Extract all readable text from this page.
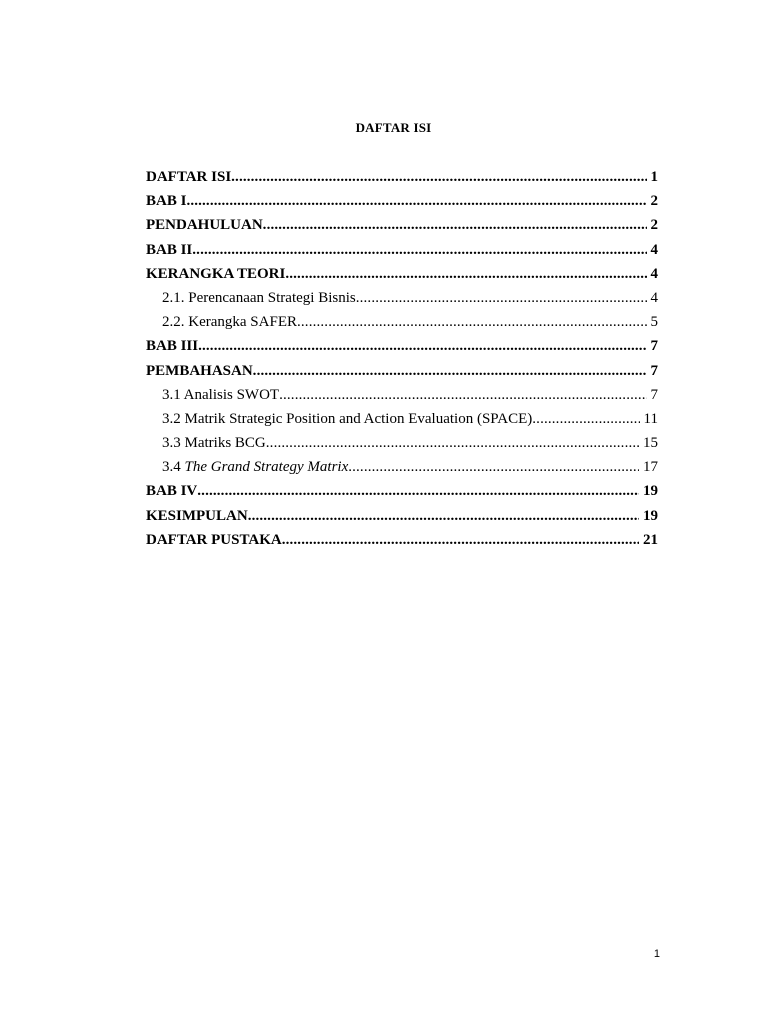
DAFTAR ISI
DAFTAR ISI .....	1
BAB I .....	2
PENDAHULUAN .....	2
BAB II .....	4
KERANGKA TEORI .....	4
2.1. Perencanaan Strategi Bisnis .....	4
2.2. Kerangka SAFER .....	5
BAB III .....	7
PEMBAHASAN .....	7
3.1 Analisis SWOT .....	7
3.2 Matrik Strategic Position and Action Evaluation (SPACE) .....	11
3.3 Matriks BCG .....	15
3.4 The Grand Strategy Matrix .....	17
BAB IV .....	19
KESIMPULAN .....	19
DAFTAR PUSTAKA .....	21
1
